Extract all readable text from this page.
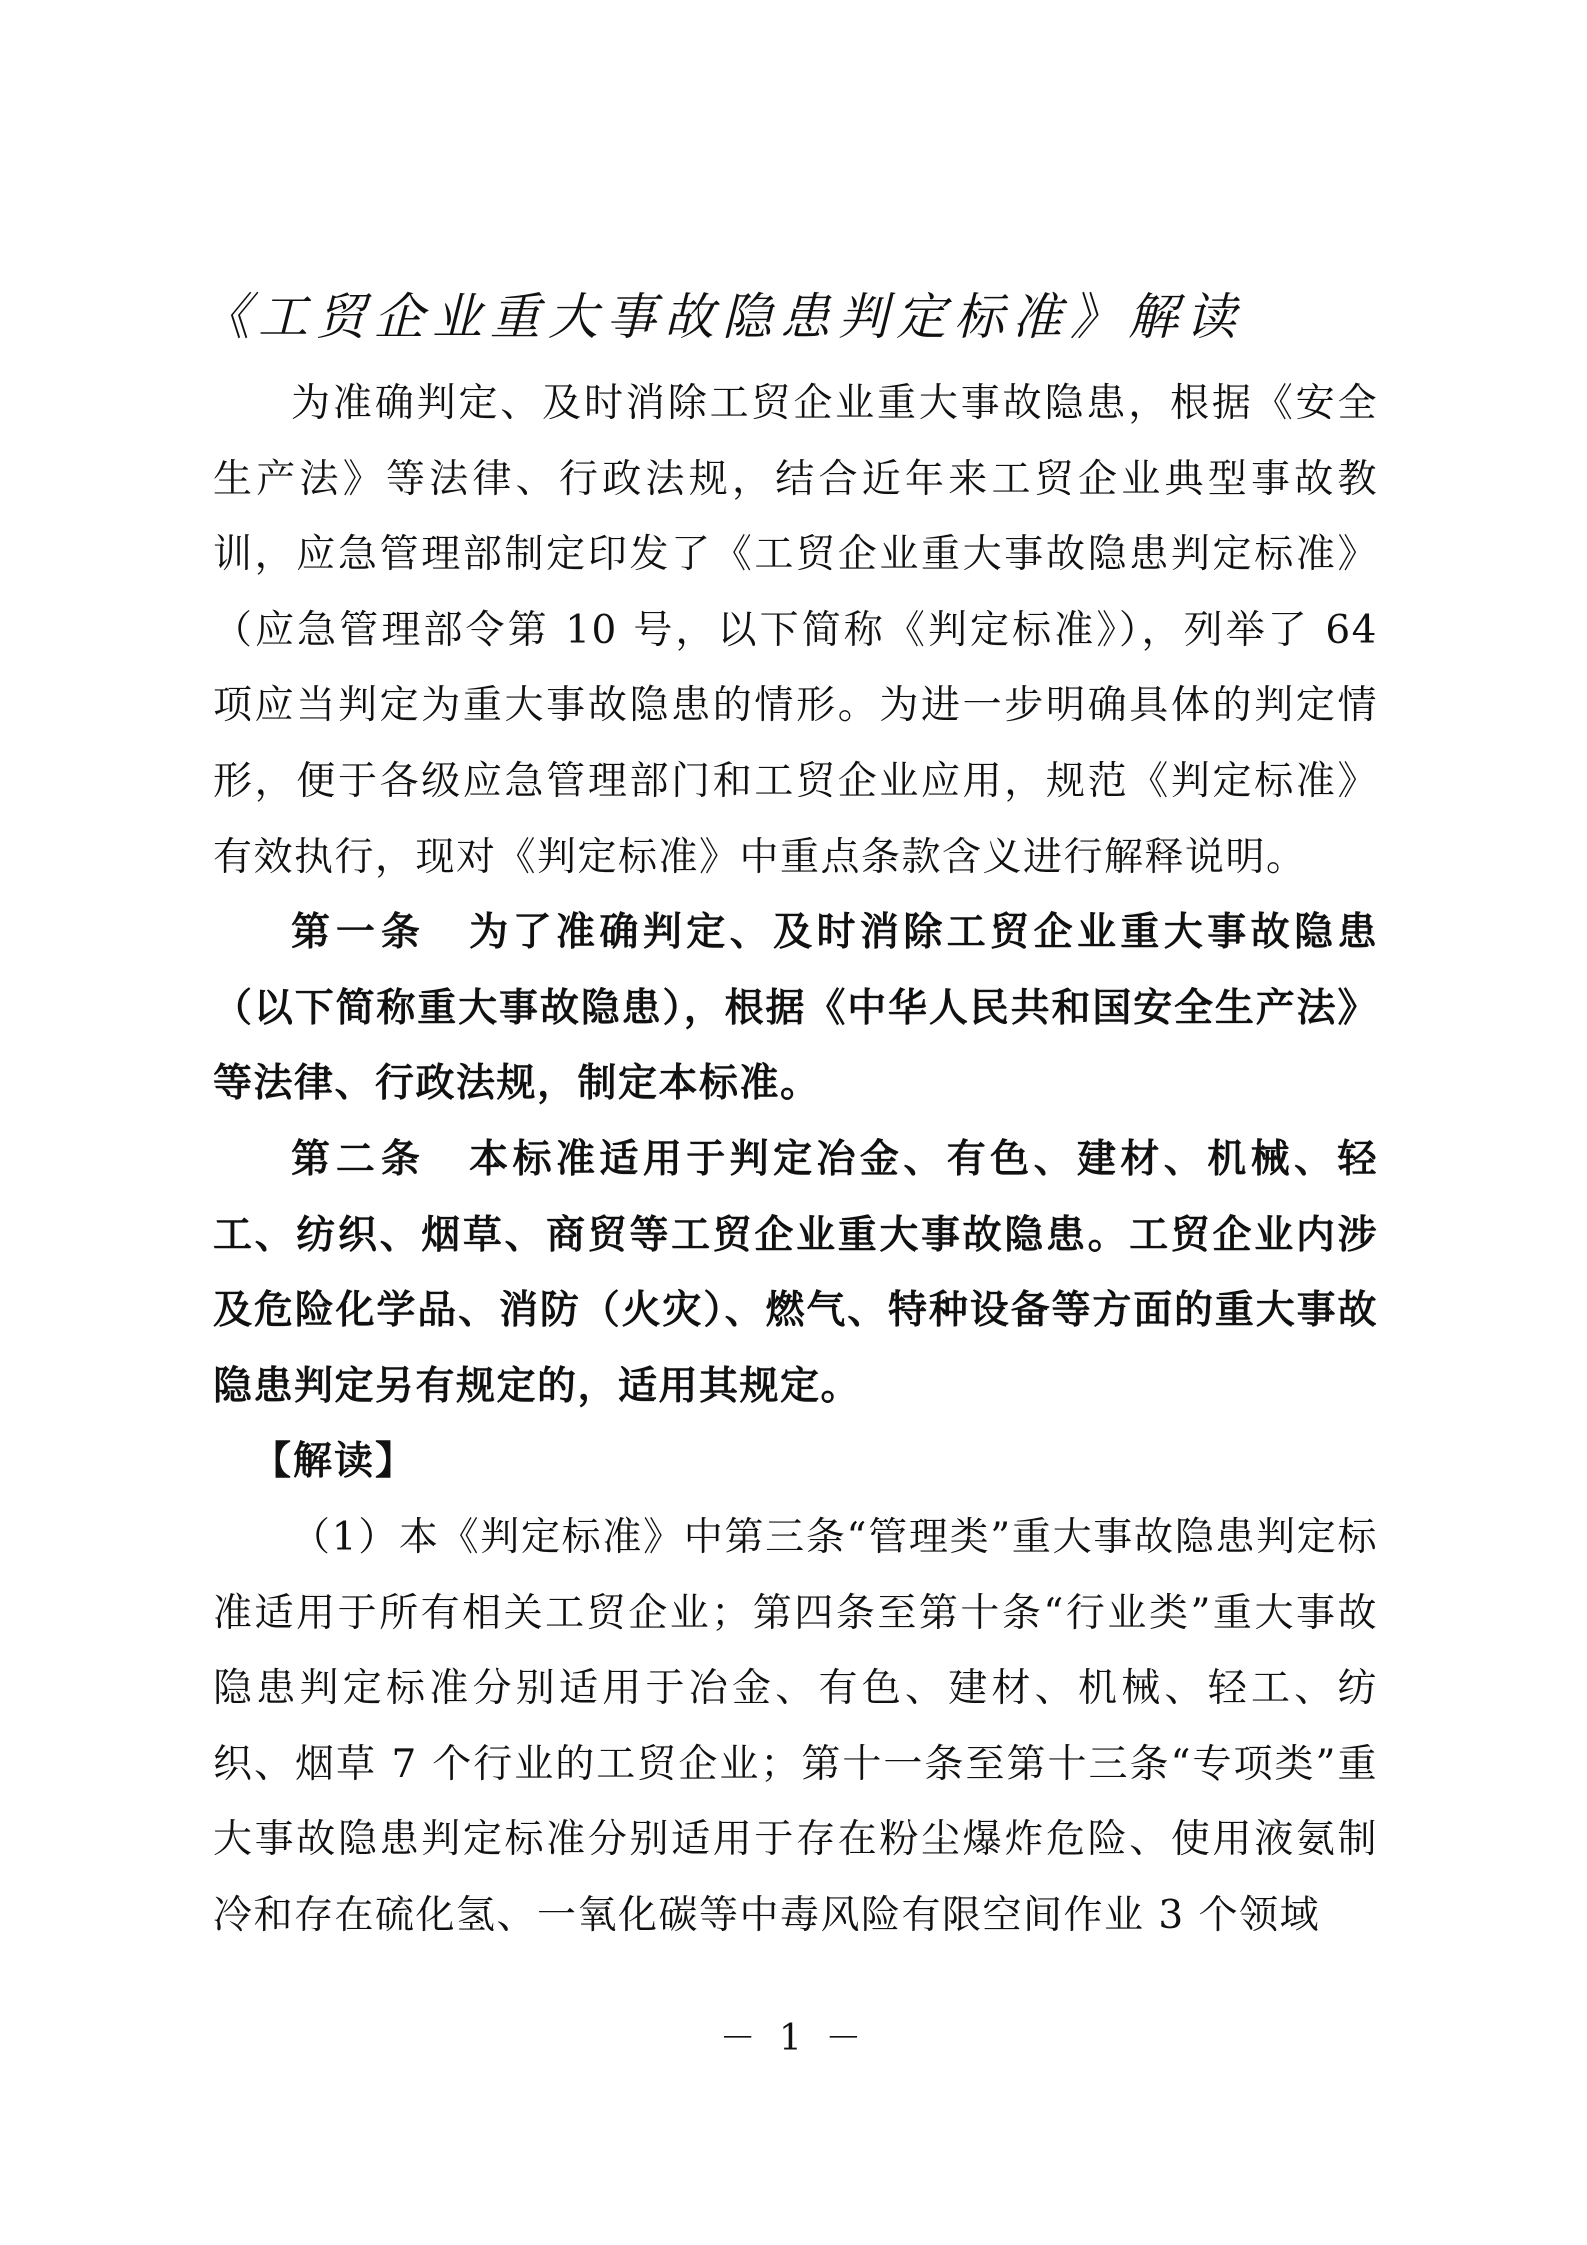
《工贸企业重大事故隐患判定标准》解读

为准确判定、及时消除工贸企业重大事故隐患，根据《安全生产法》等法律、行政法规，结合近年来工贸企业典型事故教训，应急管理部制定印发了《工贸企业重大事故隐患判定标准》（应急管理部令第 10 号，以下简称《判定标准》），列举了 64 项应当判定为重大事故隐患的情形。为进一步明确具体的判定情形，便于各级应急管理部门和工贸企业应用，规范《判定标准》有效执行，现对《判定标准》中重点条款含义进行解释说明。

第一条　 为了准确判定、及时消除工贸企业重大事故隐患（以下简称重大事故隐患），根据《中华人民共和国安全生产法》等法律、行政法规，制定本标准。

第二条　 本标准适用于判定冶金、有色、建材、机械、轻工、纺织、烟草、商贸等工贸企业重大事故隐患。工贸企业内涉及危险化学品、消防（火灾）、燃气、特种设备等方面的重大事故隐患判定另有规定的，适用其规定。

【解读】

（1）本《判定标准》中第三条“管理类”重大事故隐患判定标准适用于所有相关工贸企业；第四条至第十条“行业类”重大事故隐患判定标准分别适用于冶金、有色、建材、机械、轻工、纺织、烟草 7 个行业的工贸企业；第十一条至第十三条“专项类”重大事故隐患判定标准分别适用于存在粉尘爆炸危险、使用液氨制冷和存在硫化氢、一氧化碳等中毒风险有限空间作业 3 个领域

－ 1 －
